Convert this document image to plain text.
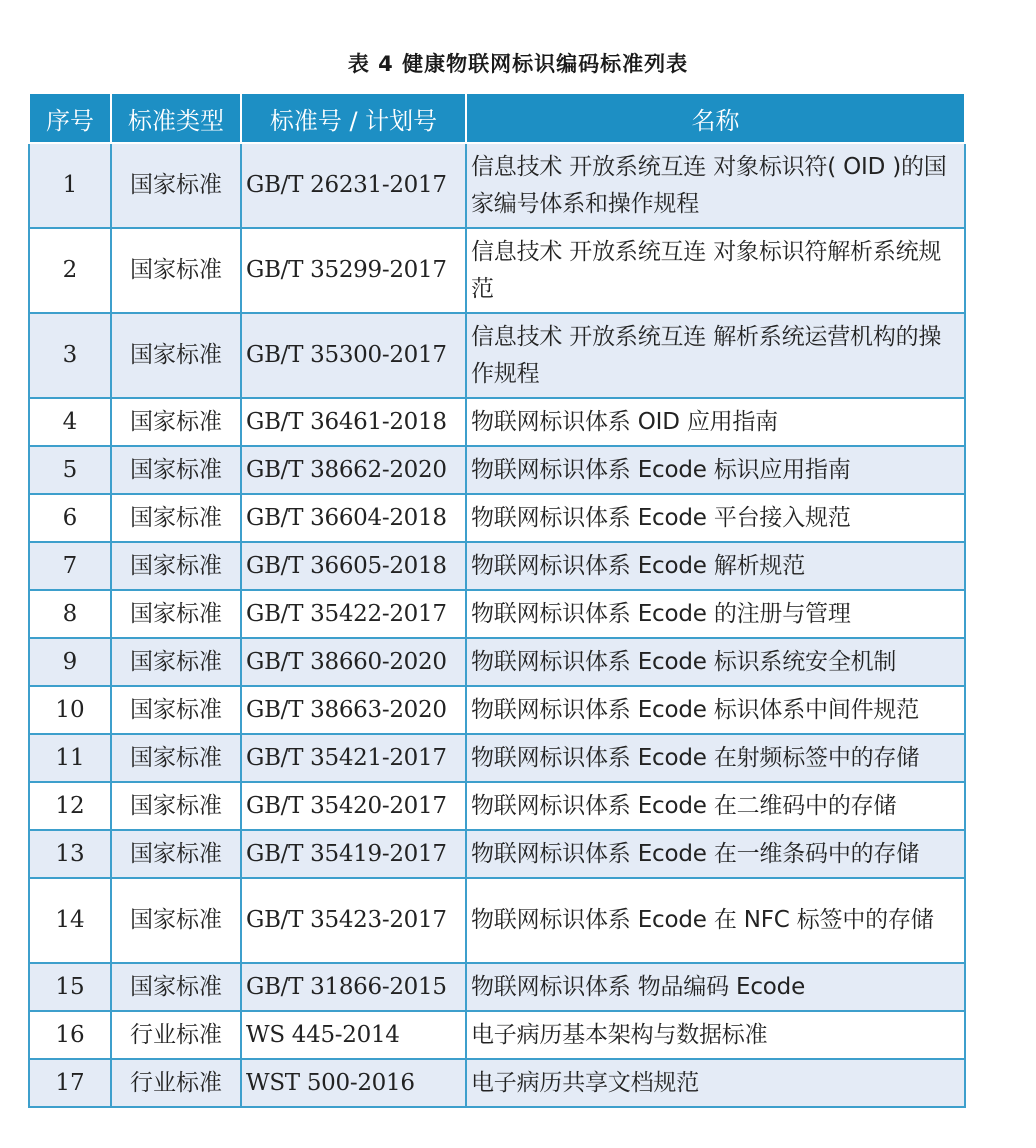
表 4 健康物联网标识编码标准列表
序号	标准类型	标准号 / 计划号	名称
1	国家标准	GB/T 26231-2017	信息技术 开放系统互连 对象标识符( OID )的国家编号体系和操作规程
2	国家标准	GB/T 35299-2017	信息技术 开放系统互连 对象标识符解析系统规范
3	国家标准	GB/T 35300-2017	信息技术 开放系统互连 解析系统运营机构的操作规程
4	国家标准	GB/T 36461-2018	物联网标识体系 OID 应用指南
5	国家标准	GB/T 38662-2020	物联网标识体系 Ecode 标识应用指南
6	国家标准	GB/T 36604-2018	物联网标识体系 Ecode 平台接入规范
7	国家标准	GB/T 36605-2018	物联网标识体系 Ecode 解析规范
8	国家标准	GB/T 35422-2017	物联网标识体系 Ecode 的注册与管理
9	国家标准	GB/T 38660-2020	物联网标识体系 Ecode 标识系统安全机制
10	国家标准	GB/T 38663-2020	物联网标识体系 Ecode 标识体系中间件规范
11	国家标准	GB/T 35421-2017	物联网标识体系 Ecode 在射频标签中的存储
12	国家标准	GB/T 35420-2017	物联网标识体系 Ecode 在二维码中的存储
13	国家标准	GB/T 35419-2017	物联网标识体系 Ecode 在一维条码中的存储
14	国家标准	GB/T 35423-2017	物联网标识体系 Ecode 在 NFC 标签中的存储
15	国家标准	GB/T 31866-2015	物联网标识体系 物品编码 Ecode
16	行业标准	WS 445-2014	电子病历基本架构与数据标准
17	行业标准	WST 500-2016	电子病历共享文档规范
